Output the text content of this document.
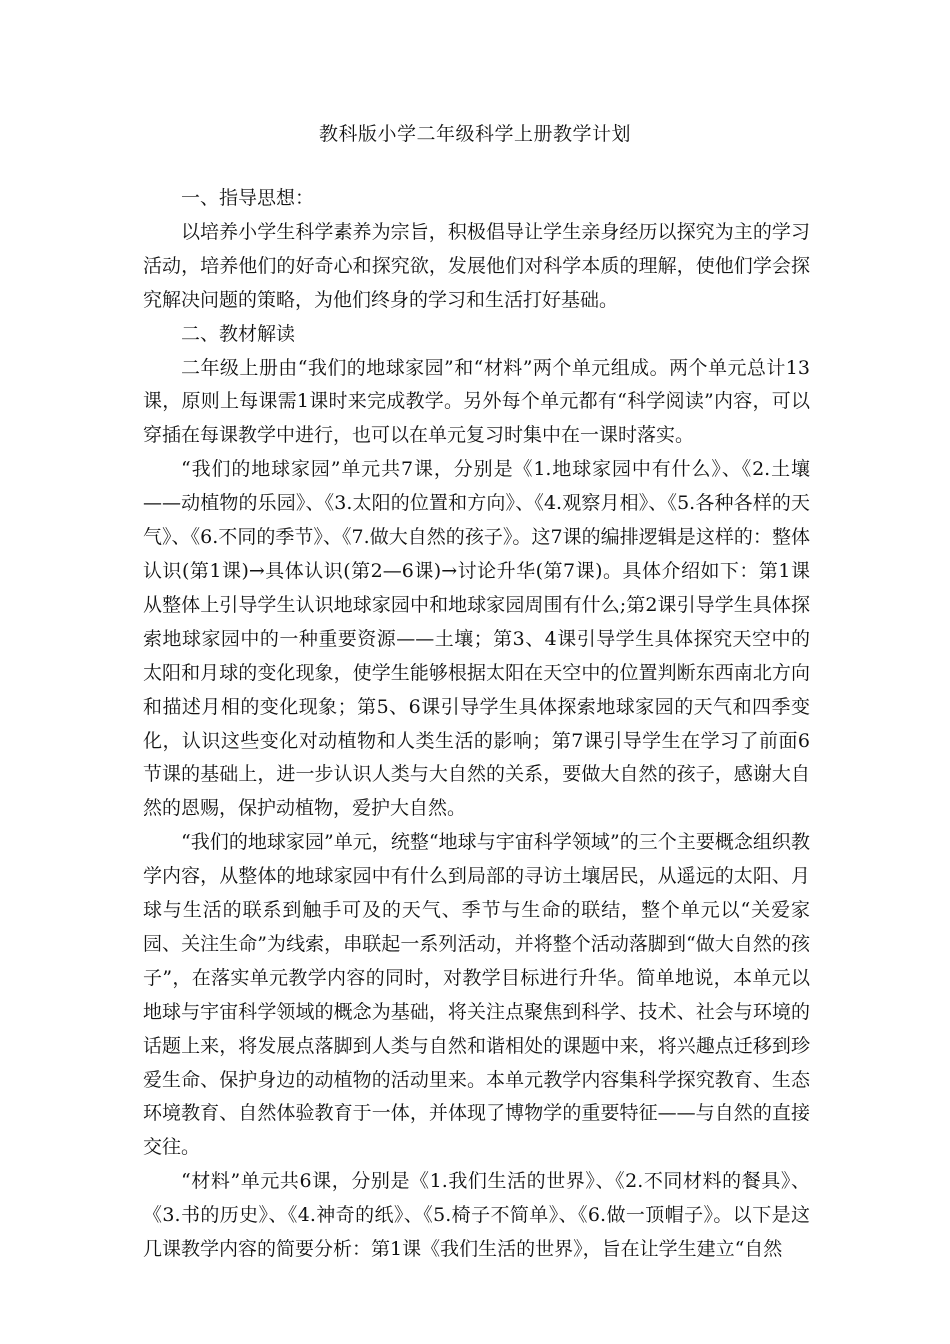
教科版小学二年级科学上册教学计划

一、指导思想：

以培养小学生科学素养为宗旨，积极倡导让学生亲身经历以探究为主的学习活动，培养他们的好奇心和探究欲，发展他们对科学本质的理解，使他们学会探究解决问题的策略，为他们终身的学习和生活打好基础。

二、教材解读

二年级上册由“我们的地球家园”和“材料”两个单元组成。两个单元总计13课，原则上每课需1课时来完成教学。另外每个单元都有“科学阅读”内容，可以穿插在每课教学中进行，也可以在单元复习时集中在一课时落实。

“我们的地球家园”单元共7课，分别是《1.地球家园中有什么》、《2.土壤——动植物的乐园》、《3.太阳的位置和方向》、《4.观察月相》、《5.各种各样的天气》、《6.不同的季节》、《7.做大自然的孩子》。这7课的编排逻辑是这样的：整体认识(第1课)→具体认识(第2—6课)→讨论升华(第7课)。具体介绍如下：第1课从整体上引导学生认识地球家园中和地球家园周围有什么;第2课引导学生具体探索地球家园中的一种重要资源——土壤；第3、4课引导学生具体探究天空中的太阳和月球的变化现象，使学生能够根据太阳在天空中的位置判断东西南北方向和描述月相的变化现象；第5、6课引导学生具体探索地球家园的天气和四季变化，认识这些变化对动植物和人类生活的影响；第7课引导学生在学习了前面6节课的基础上，进一步认识人类与大自然的关系，要做大自然的孩子，感谢大自然的恩赐，保护动植物，爱护大自然。

“我们的地球家园”单元，统整“地球与宇宙科学领域”的三个主要概念组织教学内容，从整体的地球家园中有什么到局部的寻访土壤居民，从遥远的太阳、月球与生活的联系到触手可及的天气、季节与生命的联结，整个单元以“关爱家园、关注生命”为线索，串联起一系列活动，并将整个活动落脚到“做大自然的孩子”，在落实单元教学内容的同时，对教学目标进行升华。简单地说，本单元以地球与宇宙科学领域的概念为基础，将关注点聚焦到科学、技术、社会与环境的话题上来，将发展点落脚到人类与自然和谐相处的课题中来，将兴趣点迁移到珍爱生命、保护身边的动植物的活动里来。本单元教学内容集科学探究教育、生态环境教育、自然体验教育于一体，并体现了博物学的重要特征——与自然的直接交往。

“材料”单元共6课，分别是《1.我们生活的世界》、《2.不同材料的餐具》、《3.书的历史》、《4.神奇的纸》、《5.椅子不简单》、《6.做一顶帽子》。以下是这几课教学内容的简要分析：第1课《我们生活的世界》，旨在让学生建立“自然
